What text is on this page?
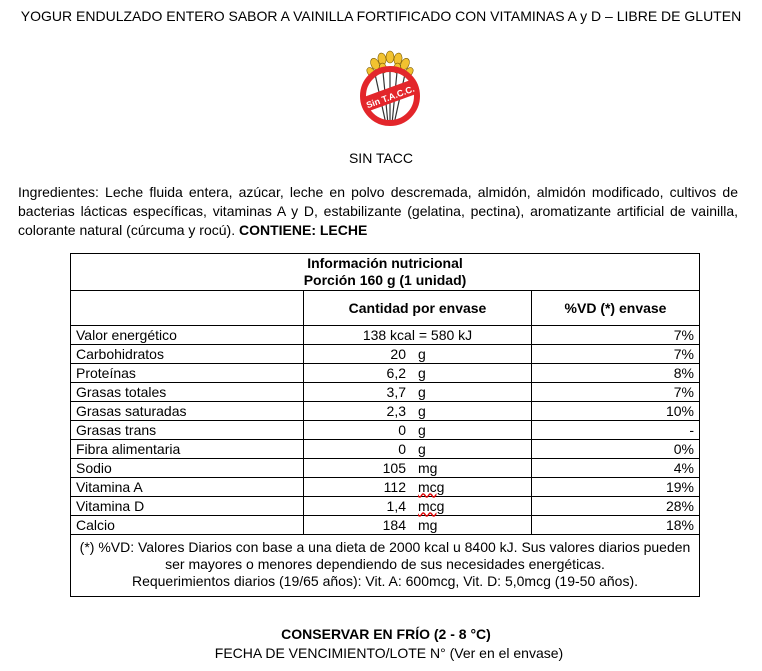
YOGUR ENDULZADO ENTERO SABOR A VAINILLA FORTIFICADO CON VITAMINAS A y D – LIBRE DE GLUTEN
Sin T.A.C.C.
SIN TACC
Ingredientes: Leche fluida entera, azúcar, leche en polvo descremada, almidón, almidón modificado, cultivos de bacterias lácticas específicas, vitaminas A y D, estabilizante (gelatina, pectina), aromatizante artificial de vainilla, colorante natural (cúrcuma y rocú). CONTIENE: LECHE
Información nutricional
Porción 160 g (1 unidad)		

	Cantidad por envase	%VD (*) envase
Valor energético	138 kcal = 580 kJ	7%
Carbohidratos	20 g	7%
Proteínas	6,2 g	8%
Grasas totales	3,7 g	7%
Grasas saturadas	2,3 g	10%
Grasas trans	0 g	-
Fibra alimentaria	0 g	0%
Sodio	105 mg	4%
Vitamina A	112 mcg	19%
Vitamina D	1,4 mcg	28%
Calcio	184 mg	18%

(*) %VD: Valores Diarios con base a una dieta de 2000 kcal u 8400 kJ. Sus valores diarios pueden ser mayores o menores dependiendo de sus necesidades energéticas.
Requerimientos diarios (19/65 años): Vit. A: 600mcg, Vit. D: 5,0mcg (19-50 años).		
CONSERVAR EN FRÍO (2 - 8 °C)
FECHA DE VENCIMIENTO/LOTE N° (Ver en el envase)
